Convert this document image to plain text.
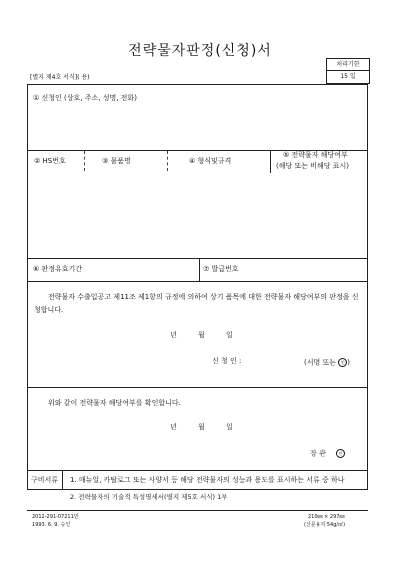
전략물자판정(신청)서
처리기한
15 일
[별지 제4호 서식]( 용)
① 신청인 (상호, 주소, 성명, 전화)
② HS번호	③ 물품명	④ 형식및규격
⑤ 전략물자 해당여부
(해당 또는 비해당 표시)
⑥ 판정유효기간	⑦ 발급번호
전략물자 수출입공고 제11조 제1항의 규정에 의하여 상기 품목에 대한 전략물자 해당여부의 판정을 신청합니다.
년	월	일
신 청 인 :	(서명 또는 인 )
위와 같이 전략물자 해당여부를 확인합니다.
년	월	일
장 관	인
구비서류 1. 매뉴얼, 카탈로그 또는 사양서 등 해당 전략물자의 성능과 용도를 표시하는 서류 중 하나
2. 전략물자의 기술적 특성명세서(별지 제5호 서식) 1부
2012-291-07211민
1993. 6. 9. 승인
210㎜ × 297㎜
(신문용지 54g/㎡)
